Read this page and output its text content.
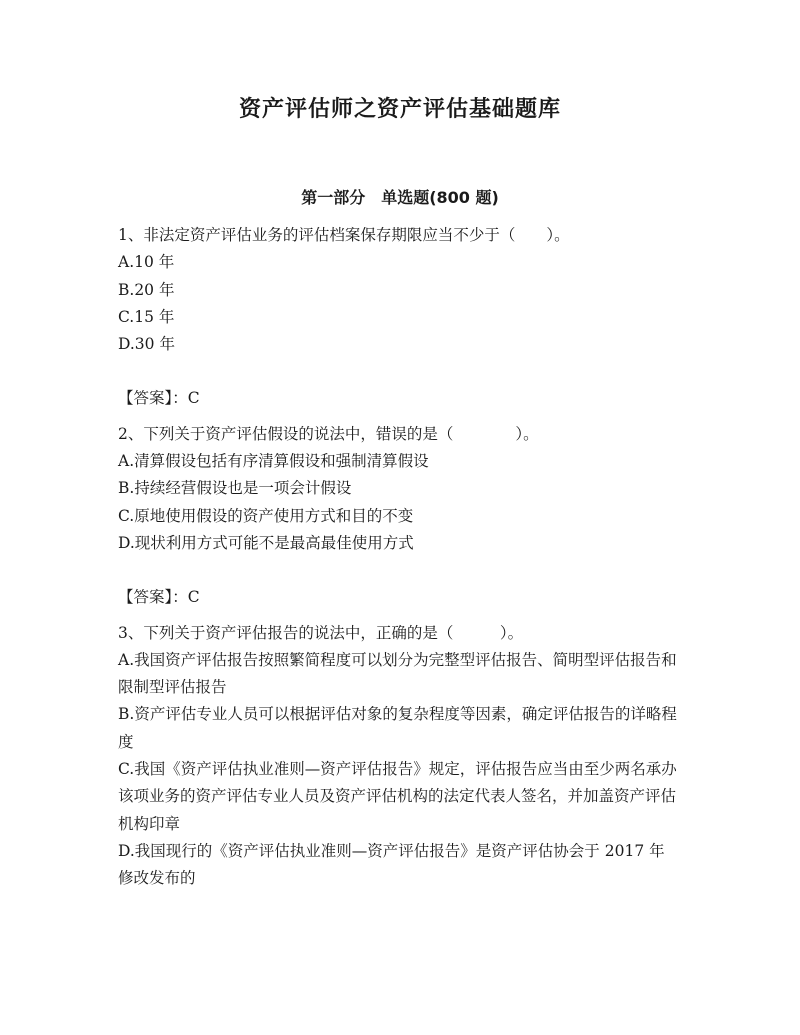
资产评估师之资产评估基础题库
第一部分　单选题(800 题)
1、非法定资产评估业务的评估档案保存期限应当不少于（　　）。
A.10 年
B.20 年
C.15 年
D.30 年
【答案】：C
2、下列关于资产评估假设的说法中，错误的是（　　　　）。
A.清算假设包括有序清算假设和强制清算假设
B.持续经营假设也是一项会计假设
C.原地使用假设的资产使用方式和目的不变
D.现状利用方式可能不是最高最佳使用方式
【答案】：C
3、下列关于资产评估报告的说法中，正确的是（　　　）。
A.我国资产评估报告按照繁简程度可以划分为完整型评估报告、简明型评估报告和限制型评估报告
B.资产评估专业人员可以根据评估对象的复杂程度等因素，确定评估报告的详略程度
C.我国《资产评估执业准则—资产评估报告》规定，评估报告应当由至少两名承办该项业务的资产评估专业人员及资产评估机构的法定代表人签名，并加盖资产评估机构印章
D.我国现行的《资产评估执业准则—资产评估报告》是资产评估协会于 2017 年修改发布的
